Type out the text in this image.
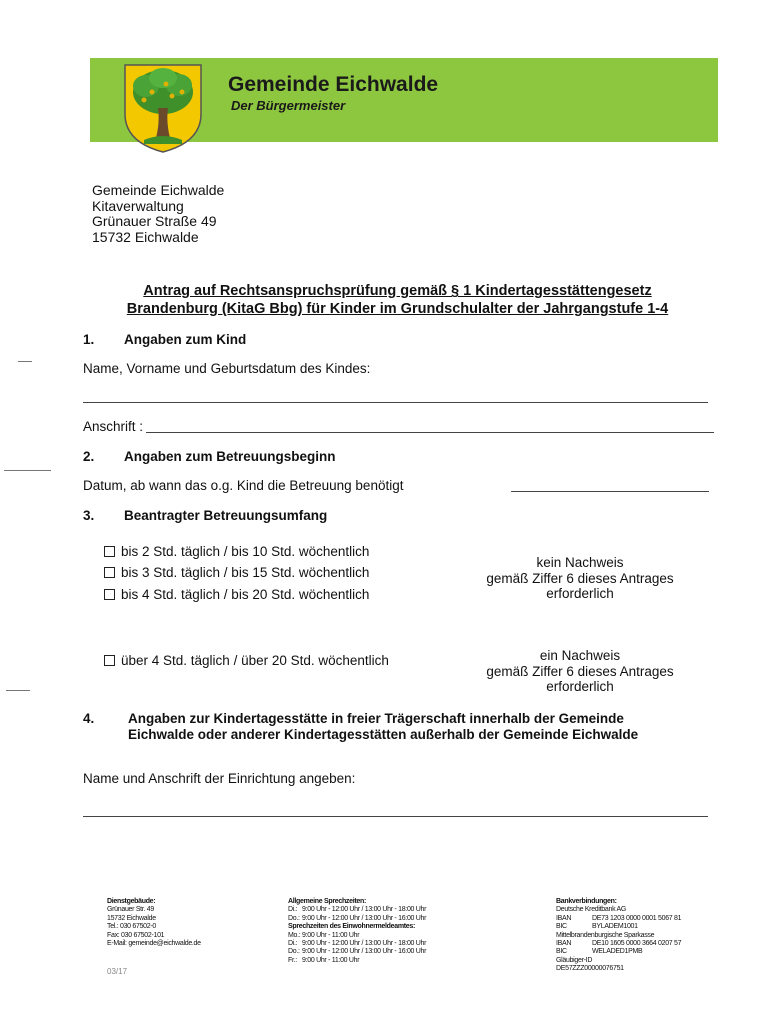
Gemeinde Eichwalde
Der Bürgermeister
Gemeinde Eichwalde
Kitaverwaltung
Grünauer Straße 49
15732 Eichwalde
Antrag auf Rechtsanspruchsprüfung gemäß § 1 Kindertagesstättengesetz
Brandenburg (KitaG Bbg) für Kinder im Grundschulalter der Jahrgangstufe 1-4
1. Angaben zum Kind
Name, Vorname und Geburtsdatum des Kindes:
Anschrift :
2. Angaben zum Betreuungsbeginn
Datum, ab wann das o.g. Kind die Betreuung benötigt
3. Beantragter Betreuungsumfang
bis 2 Std. täglich / bis 10 Std. wöchentlich
bis 3 Std. täglich / bis 15 Std. wöchentlich
bis 4 Std. täglich / bis 20 Std. wöchentlich
über 4 Std. täglich / über 20 Std. wöchentlich
kein Nachweis
gemäß Ziffer 6 dieses Antrages
erforderlich
ein Nachweis
gemäß Ziffer 6 dieses Antrages
erforderlich
4. Angaben zur Kindertagesstätte in freier Trägerschaft innerhalb der Gemeinde
Eichwalde oder anderer Kindertagesstätten außerhalb der Gemeinde Eichwalde
Name und Anschrift der Einrichtung angeben:
Dienstgebäude:
Grünauer Str. 49
15732 Eichwalde
Tel.: 030 67502-0
Fax: 030 67502-101
E-Mail: gemeinde@eichwalde.de
03/17
Allgemeine Sprechzeiten:
Di.: 9:00 Uhr - 12:00 Uhr / 13:00 Uhr - 18:00 Uhr
Do.: 9:00 Uhr - 12:00 Uhr / 13:00 Uhr - 16:00 Uhr
Sprechzeiten des Einwohnermeldeamtes:
Mo.: 9:00 Uhr - 11:00 Uhr
Di.: 9:00 Uhr - 12:00 Uhr / 13:00 Uhr - 18:00 Uhr
Do.: 9:00 Uhr - 12:00 Uhr / 13:00 Uhr - 16:00 Uhr
Fr.: 9:00 Uhr - 11:00 Uhr
Bankverbindungen:
Deutsche Kreditbank AG
IBAN	DE73 1203 0000 0001 5067 81
BIC	BYLADEM1001
Mittelbrandenburgische Sparkasse
IBAN	DE10 1605 0000 3664 0207 57
BIC	WELADED1PMB
Gläubiger-ID
DE57ZZZ00000076751
